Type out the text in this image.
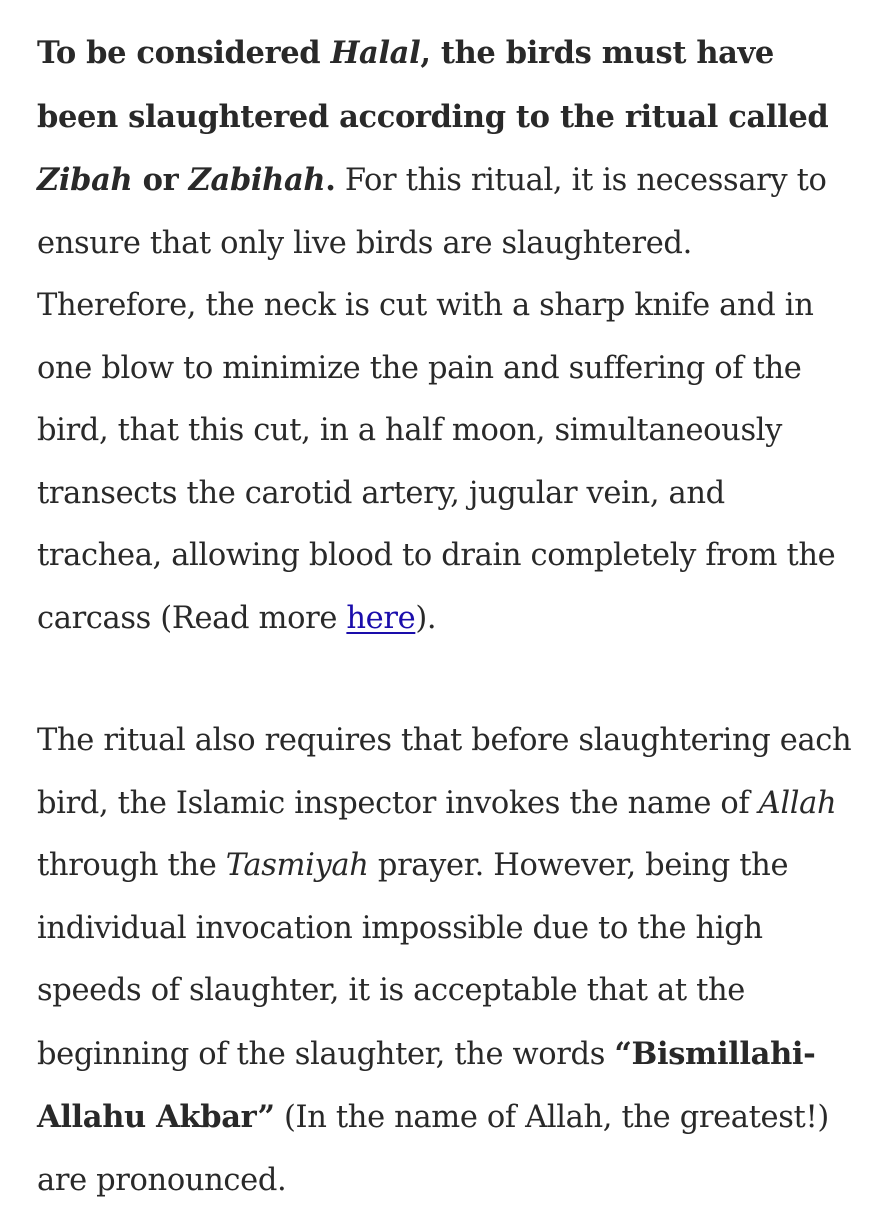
To be considered Halal, the birds must have been slaughtered according to the ritual called Zibah or Zabihah. For this ritual, it is necessary to ensure that only live birds are slaughtered. Therefore, the neck is cut with a sharp knife and in one blow to minimize the pain and suffering of the bird, that this cut, in a half moon, simultaneously transects the carotid artery, jugular vein, and trachea, allowing blood to drain completely from the carcass (Read more here).

The ritual also requires that before slaughtering each bird, the Islamic inspector invokes the name of Allah through the Tasmiyah prayer. However, being the individual invocation impossible due to the high speeds of slaughter, it is acceptable that at the beginning of the slaughter, the words “Bismillahi-Allahu Akbar” (In the name of Allah, the greatest!) are pronounced.
